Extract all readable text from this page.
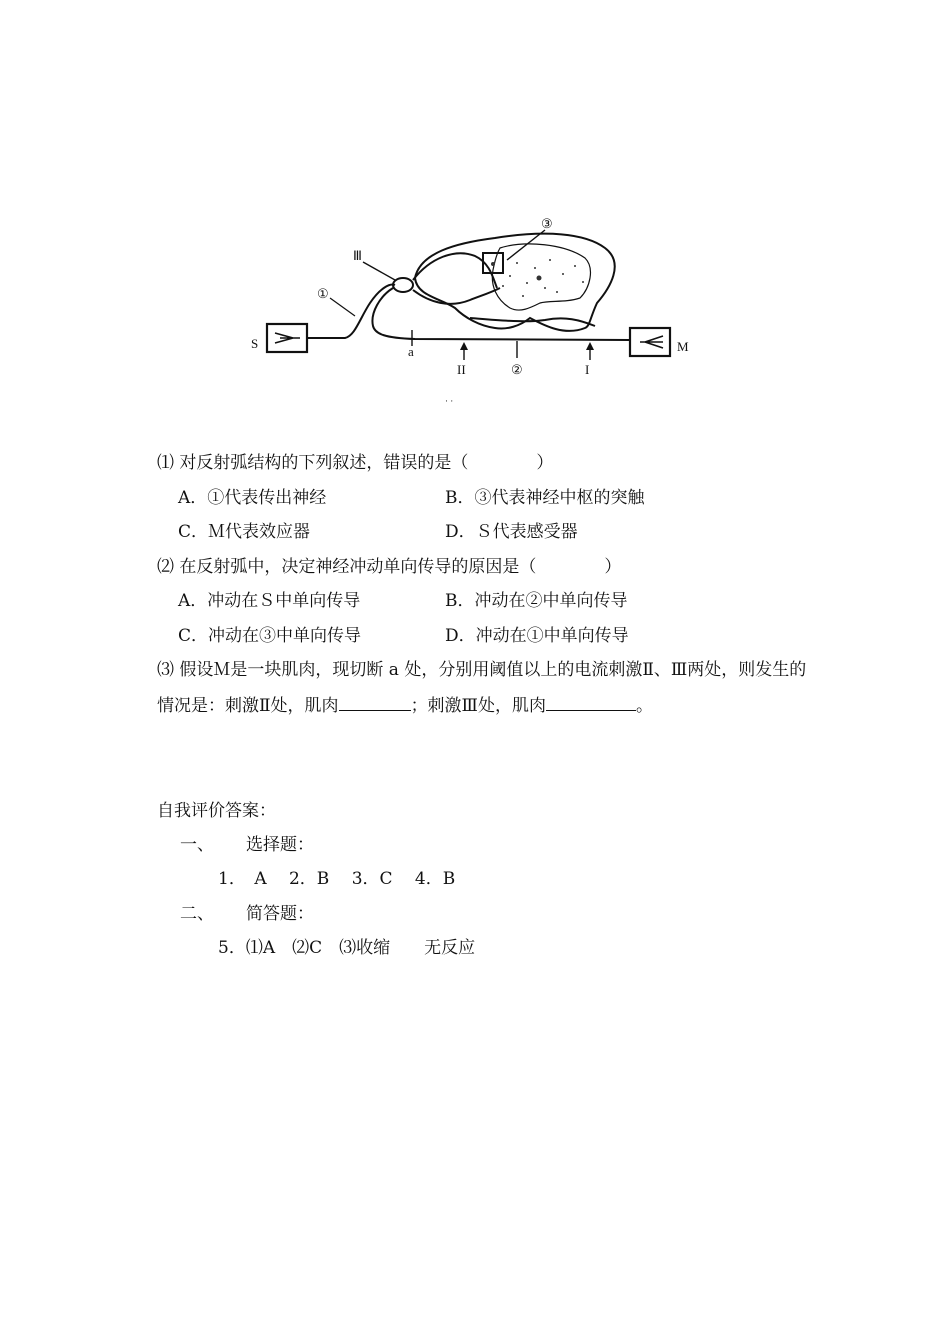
S	M
a
II	I
Ⅲ
①
②
③
· ·
⑴ 对反射弧结构的下列叙述，错误的是（　　　　）
A．①代表传出神经	B．③代表神经中枢的突触
C．Ｍ代表效应器	D．Ｓ代表感受器
⑵ 在反射弧中，决定神经冲动单向传导的原因是（　　　　）
A．冲动在Ｓ中单向传导	B．冲动在②中单向传导
C．冲动在③中单向传导	D．冲动在①中单向传导
⑶ 假设Ｍ是一块肌肉，现切断 a 处，分别用阈值以上的电流刺激Ⅱ、Ⅲ两处，则发生的
情况是：刺激Ⅱ处，肌肉	；刺激Ⅲ处，肌肉	。
自我评价答案：
一、 选择题：
1．　A　 2．B　 3．C　 4．B
二、 简答题：
5．⑴A　⑵C　⑶收缩　　无反应
